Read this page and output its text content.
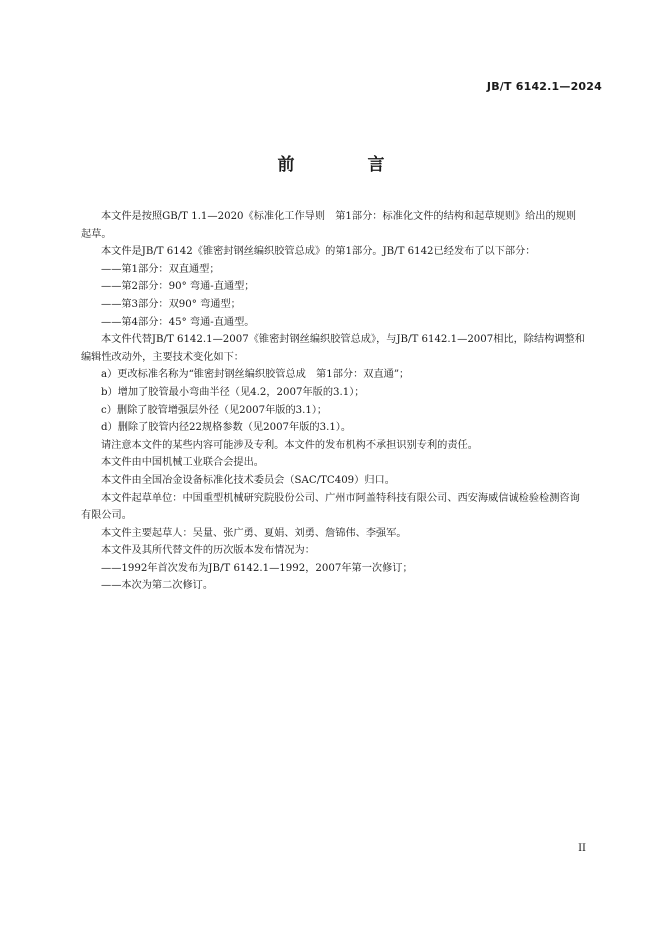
JB/T 6142.1—2024
前　言

本文件是按照GB/T 1.1—2020《标准化工作导则　第1部分：标准化文件的结构和起草规则》给出的规则起草。

本文件是JB/T 6142《锥密封钢丝编织胶管总成》的第1部分。JB/T 6142已经发布了以下部分：

——第1部分：双直通型；

——第2部分：90° 弯通-直通型；

——第3部分：双90° 弯通型；

——第4部分：45° 弯通-直通型。

本文件代替JB/T 6142.1—2007《锥密封钢丝编织胶管总成》，与JB/T 6142.1—2007相比，除结构调整和编辑性改动外，主要技术变化如下：

a）更改标准名称为“锥密封钢丝编织胶管总成　第1部分：双直通”；

b）增加了胶管最小弯曲半径（见4.2，2007年版的3.1）；

c）删除了胶管增强层外径（见2007年版的3.1）；

d）删除了胶管内径22规格参数（见2007年版的3.1）。

请注意本文件的某些内容可能涉及专利。本文件的发布机构不承担识别专利的责任。

本文件由中国机械工业联合会提出。

本文件由全国冶金设备标准化技术委员会（SAC/TC409）归口。

本文件起草单位：中国重型机械研究院股份公司、广州市阿盖特科技有限公司、西安海威信诚检验检测咨询有限公司。

本文件主要起草人：吴量、张广勇、夏娟、刘勇、詹锦伟、李强军。

本文件及其所代替文件的历次版本发布情况为：

——1992年首次发布为JB/T 6142.1—1992，2007年第一次修订；

——本次为第二次修订。

II
